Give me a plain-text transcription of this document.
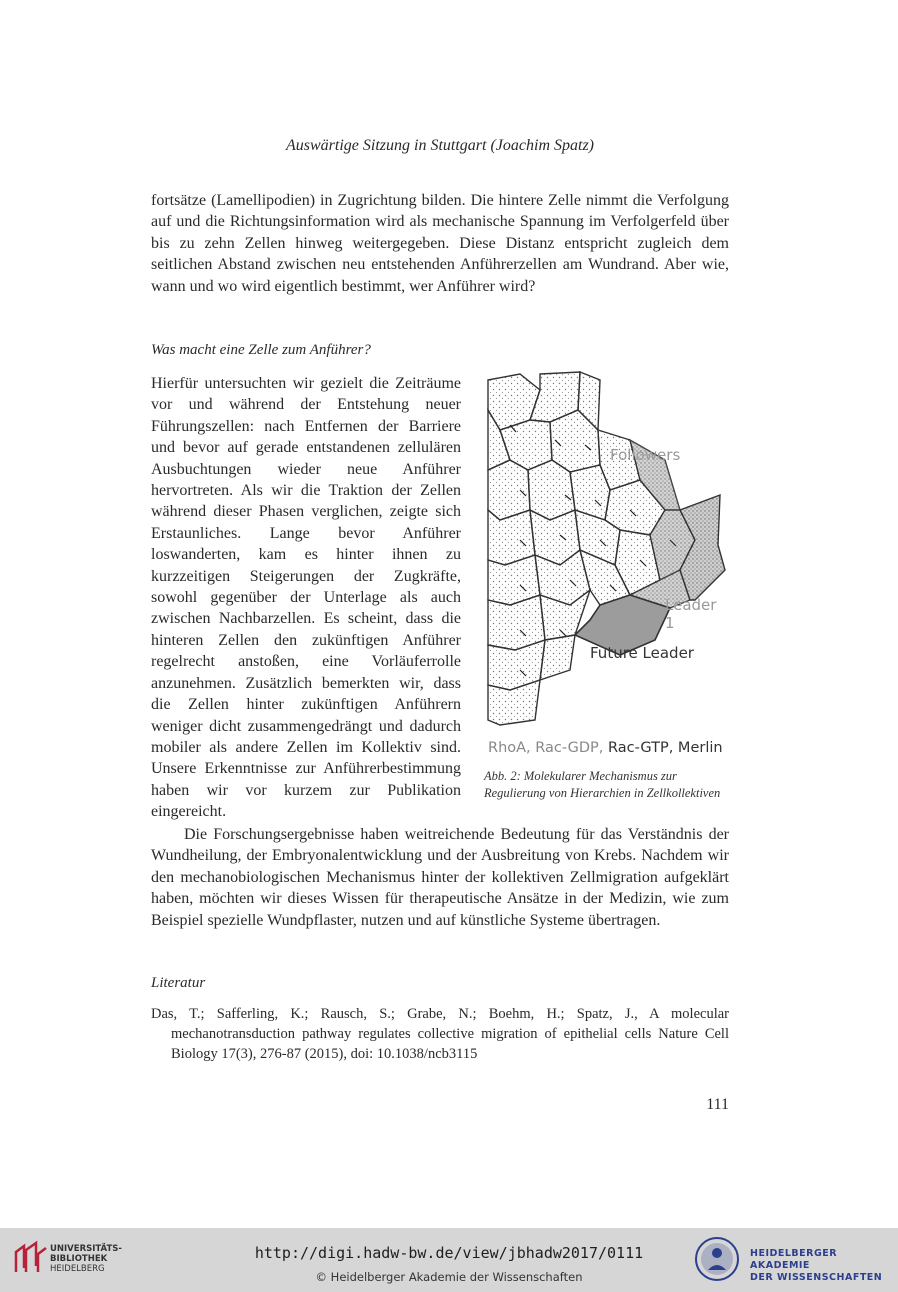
Auswärtige Sitzung in Stuttgart (Joachim Spatz)

fortsätze (Lamellipodien) in Zugrichtung bilden. Die hintere Zelle nimmt die Verfolgung auf und die Richtungsinformation wird als mechanische Spannung im Verfolgerfeld über bis zu zehn Zellen hinweg weitergegeben. Diese Distanz entspricht zugleich dem seitlichen Abstand zwischen neu entstehenden Anführerzellen am Wundrand. Aber wie, wann und wo wird eigentlich bestimmt, wer Anführer wird?

Was macht eine Zelle zum Anführer?

Hierfür untersuchten wir gezielt die Zeiträume vor und während der Entstehung neuer Führungszellen: nach Entfernen der Barriere und bevor auf gerade entstandenen zellulären Ausbuchtungen wieder neue Anführer hervortreten. Als wir die Traktion der Zellen während dieser Phasen verglichen, zeigte sich Erstaunliches. Lange bevor Anführer loswanderten, kam es hinter ihnen zu kurzzeitigen Steigerungen der Zugkräfte, sowohl gegenüber der Unterlage als auch zwischen Nachbarzellen. Es scheint, dass die hinteren Zellen den zukünftigen Anführer regelrecht anstoßen, eine Vorläuferrolle anzunehmen. Zusätzlich bemerkten wir, dass die Zellen hinter zukünftigen Anführern weniger dicht zusammengedrängt und dadurch mobiler als andere Zellen im Kollektiv sind. Unsere Erkenntnisse zur Anführerbestimmung haben wir vor kurzem zur Publikation eingereicht.

Followers
Leader 1
Future Leader
RhoA, Rac-GDP, Rac-GTP, Merlin
Abb. 2: Molekularer Mechanismus zur Regulierung von Hierarchien in Zellkollektiven

Die Forschungsergebnisse haben weitreichende Bedeutung für das Verständnis der Wundheilung, der Embryonalentwicklung und der Ausbreitung von Krebs. Nachdem wir den mechanobiologischen Mechanismus hinter der kollektiven Zellmigration aufgeklärt haben, möchten wir dieses Wissen für therapeutische Ansätze in der Medizin, wie zum Beispiel spezielle Wundpflaster, nutzen und auf künstliche Systeme übertragen.

Literatur

Das, T.; Safferling, K.; Rausch, S.; Grabe, N.; Boehm, H.; Spatz, J., A molecular mechanotransduction pathway regulates collective migration of epithelial cells Nature Cell Biology 17(3), 276-87 (2015), doi: 10.1038/ncb3115

111
UNIVERSITÄTS-
BIBLIOTHEK
HEIDELBERG
http://digi.hadw-bw.de/view/jbhadw2017/0111
© Heidelberger Akademie der Wissenschaften
HEIDELBERGER AKADEMIE
DER WISSENSCHAFTEN
